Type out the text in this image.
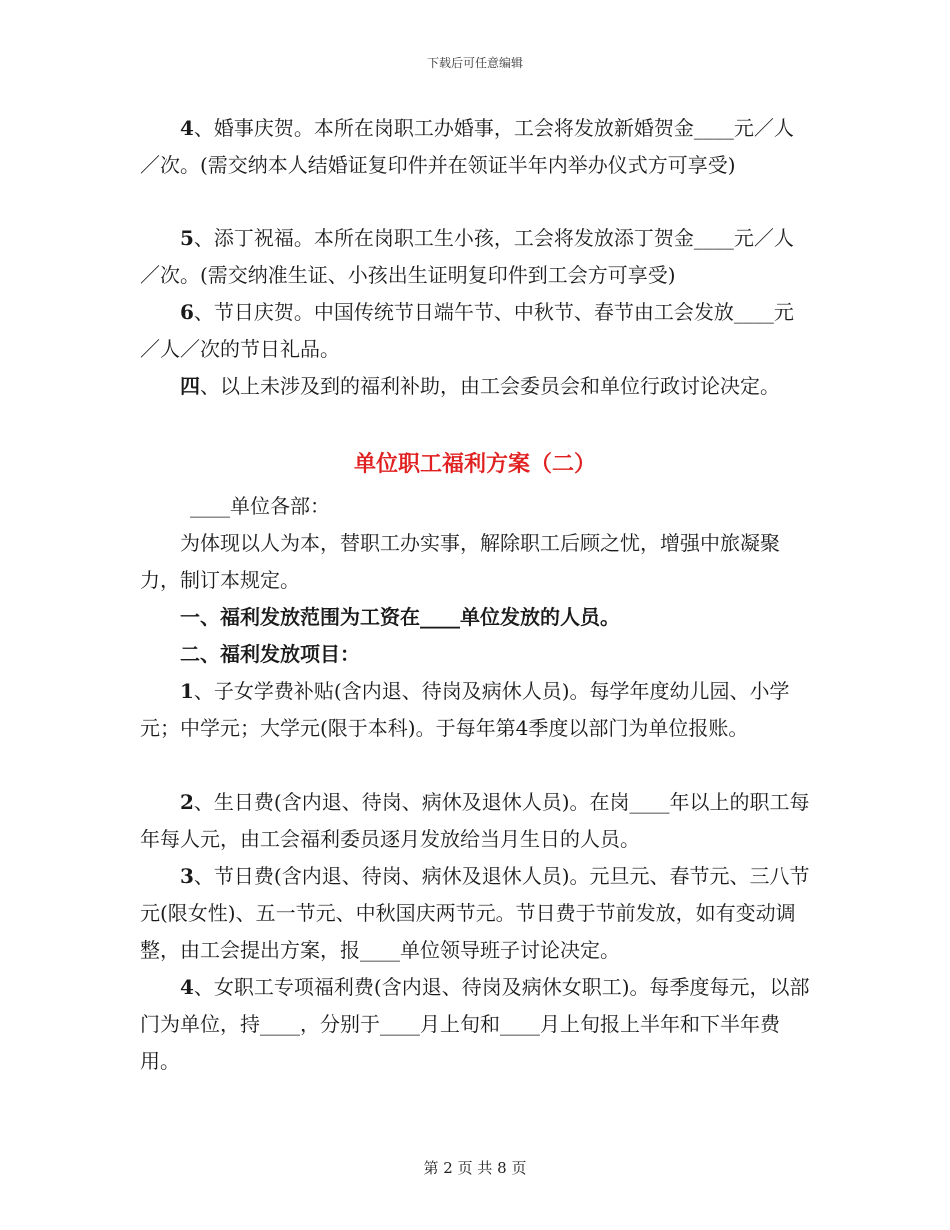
下载后可任意编辑

4、婚事庆贺。本所在岗职工办婚事，工会将发放新婚贺金____元／人／次。(需交纳本人结婚证复印件并在领证半年内举办仪式方可享受)

5、添丁祝福。本所在岗职工生小孩，工会将发放添丁贺金____元／人／次。(需交纳准生证、小孩出生证明复印件到工会方可享受)

6、节日庆贺。中国传统节日端午节、中秋节、春节由工会发放____元／人／次的节日礼品。

四、以上未涉及到的福利补助，由工会委员会和单位行政讨论决定。

单位职工福利方案（二）

____单位各部：

为体现以人为本，替职工办实事，解除职工后顾之忧，增强中旅凝聚力，制订本规定。

一、福利发放范围为工资在____单位发放的人员。

二、福利发放项目：

1、子女学费补贴(含内退、待岗及病休人员)。每学年度幼儿园、小学元；中学元；大学元(限于本科)。于每年第4季度以部门为单位报账。

2、生日费(含内退、待岗、病休及退休人员)。在岗____年以上的职工每年每人元，由工会福利委员逐月发放给当月生日的人员。

3、节日费(含内退、待岗、病休及退休人员)。元旦元、春节元、三八节元(限女性)、五一节元、中秋国庆两节元。节日费于节前发放，如有变动调整，由工会提出方案，报____单位领导班子讨论决定。

4、女职工专项福利费(含内退、待岗及病休女职工)。每季度每元，以部门为单位，持____，分别于____月上旬和____月上旬报上半年和下半年费用。

第 2 页 共 8 页
